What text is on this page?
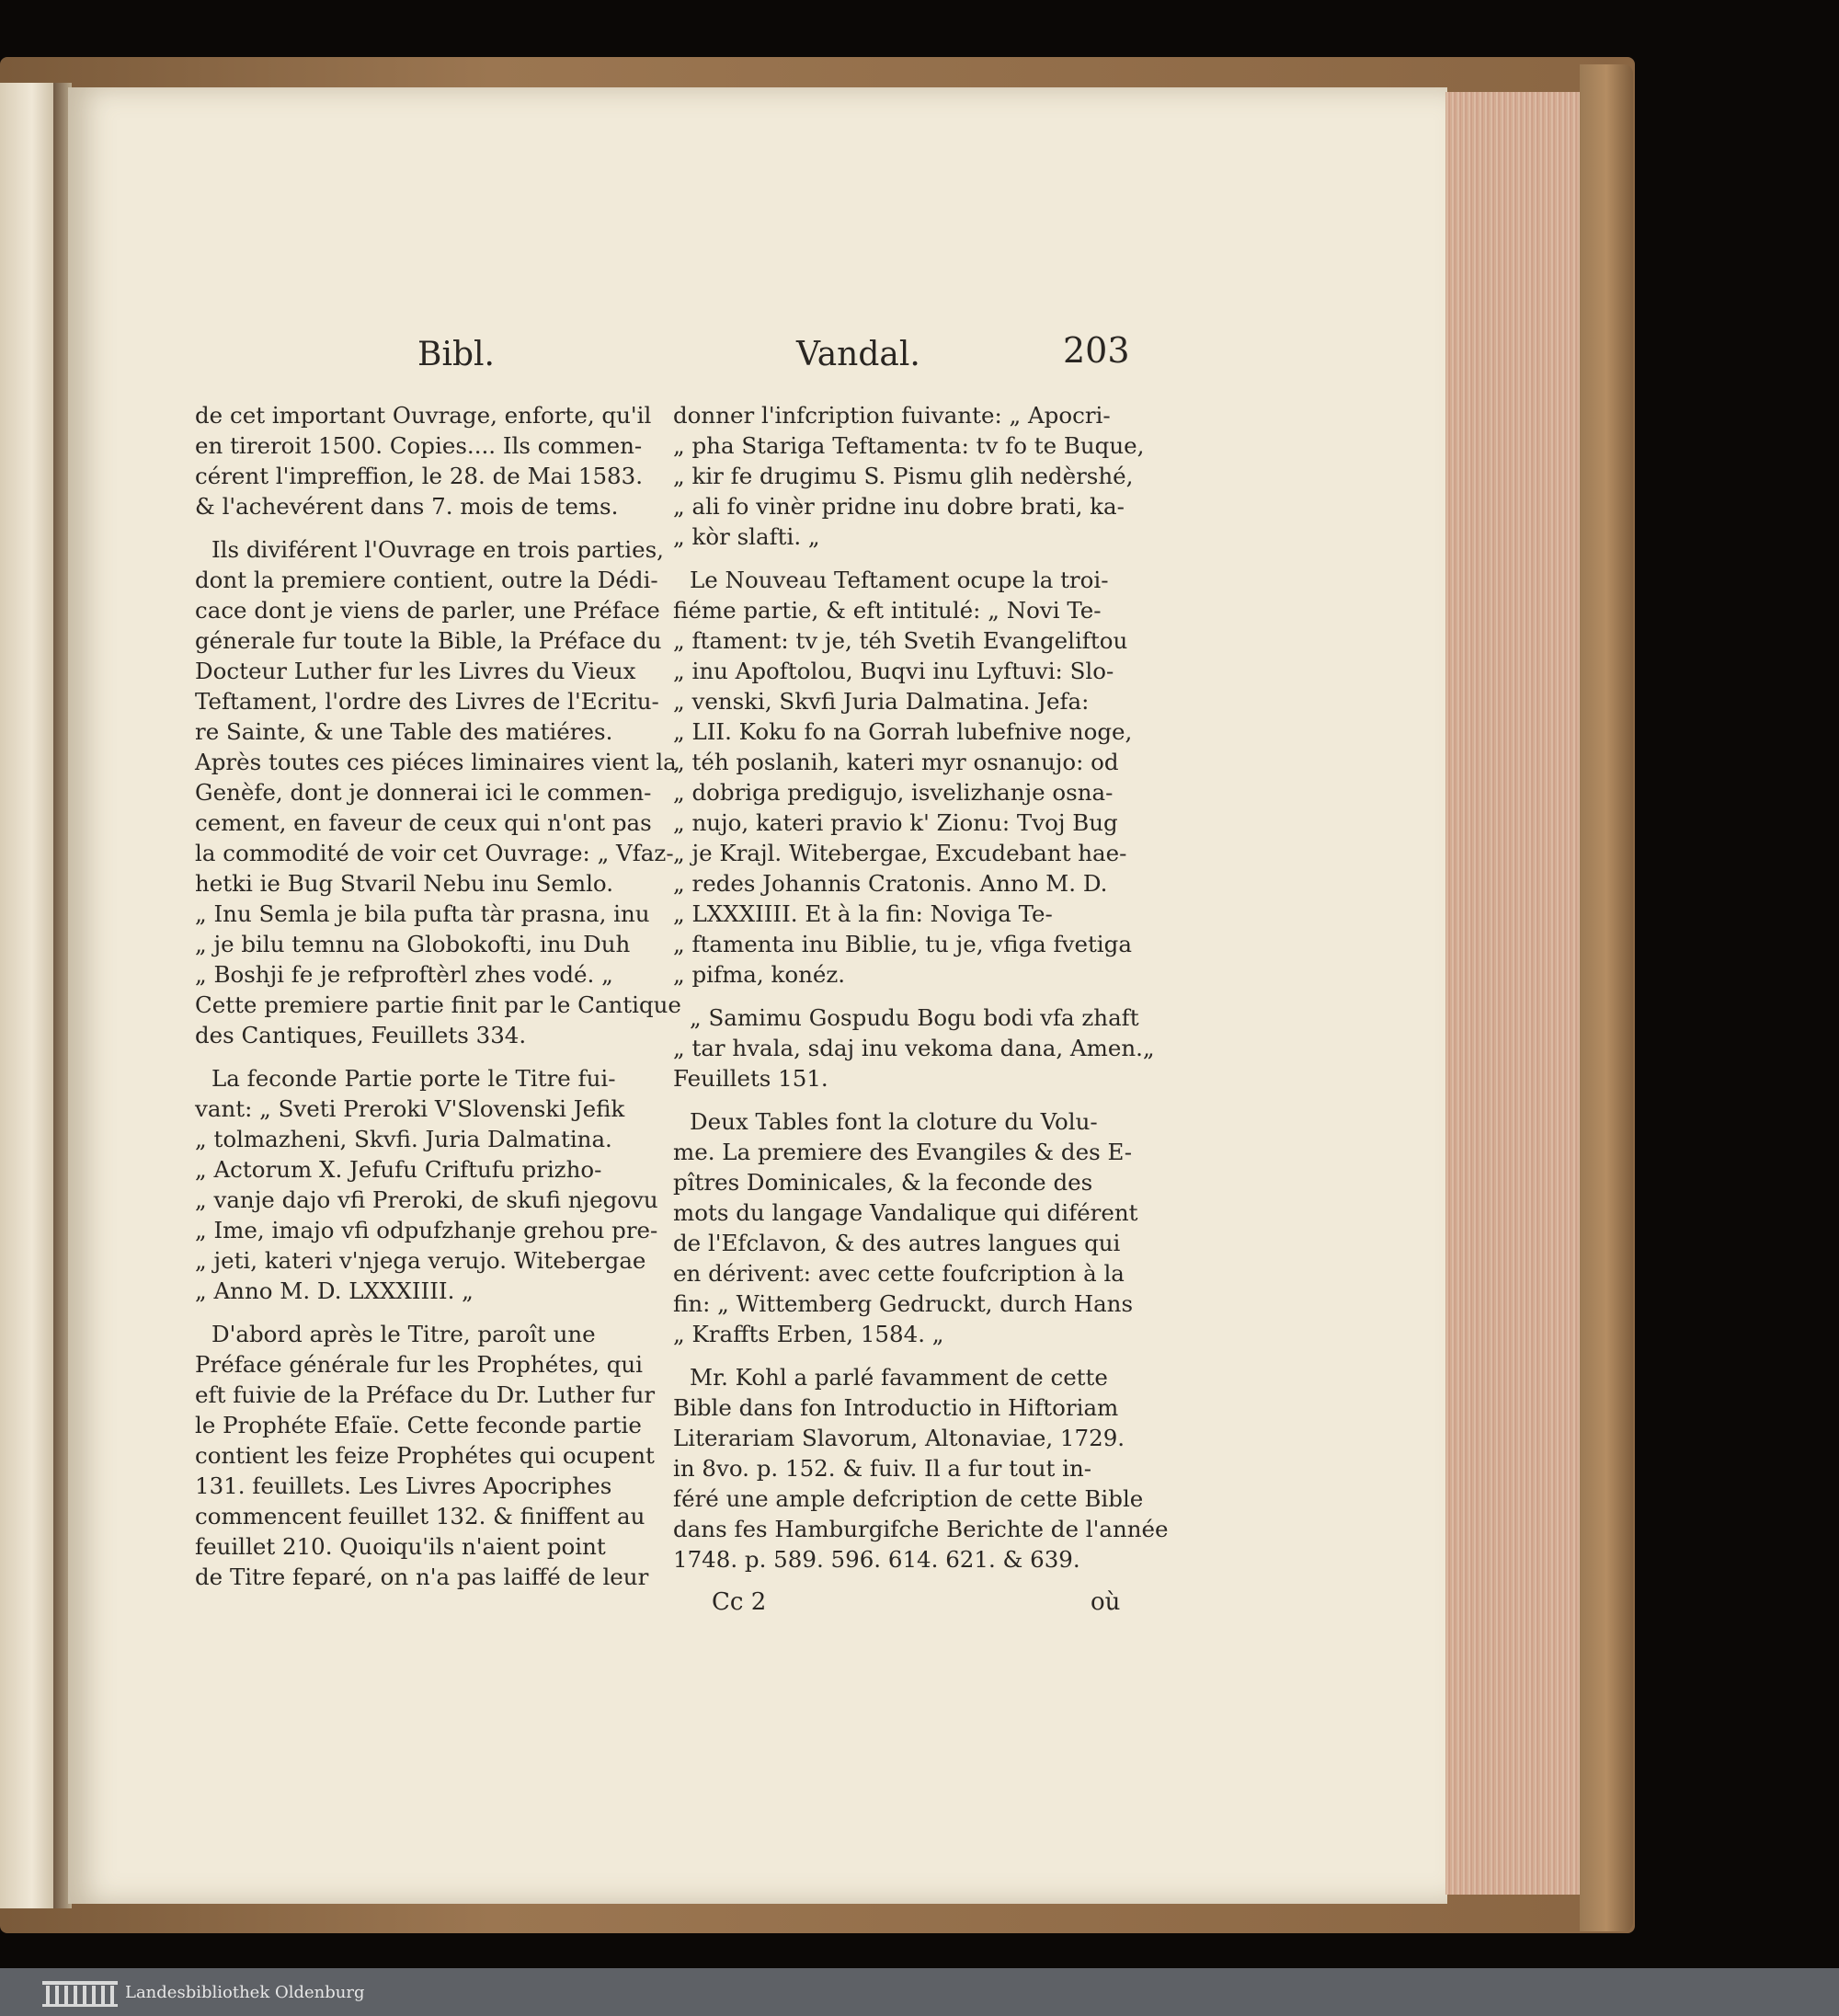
Bibl.	Vandal.	203

de cet important Ouvrage, enforte, qu'il
en tireroit 1500. Copies.... Ils commen-
cérent l'impreffion, le 28. de Mai 1583.
& l'achevérent dans 7. mois de tems.

Ils diviférent l'Ouvrage en trois parties,
dont la premiere contient, outre la Dédi-
cace dont je viens de parler, une Préface
génerale fur toute la Bible, la Préface du
Docteur Luther fur les Livres du Vieux
Teftament, l'ordre des Livres de l'Ecritu-
re Sainte, & une Table des matiéres.
Après toutes ces piéces liminaires vient la
Genèfe, dont je donnerai ici le commen-
cement, en faveur de ceux qui n'ont pas
la commodité de voir cet Ouvrage: „ Vfaz-
hetki ie Bug Stvaril Nebu inu Semlo.
„ Inu Semla je bila pufta tàr prasna, inu
„ je bilu temnu na Globokofti, inu Duh
„ Boshji fe je refproftèrl zhes vodé. „
Cette premiere partie finit par le Cantique
des Cantiques, Feuillets 334.

La feconde Partie porte le Titre fui-
vant: „ Sveti Preroki V'Slovenski Jefik
„ tolmazheni, Skvfi. Juria Dalmatina.
„ Actorum X. Jefufu Criftufu prizho-
„ vanje dajo vfi Preroki, de skufi njegovu
„ Ime, imajo vfi odpufzhanje grehou pre-
„ jeti, kateri v'njega verujo. Witebergae
„ Anno M. D. LXXXIIII. „

D'abord après le Titre, paroît une
Préface générale fur les Prophétes, qui
eft fuivie de la Préface du Dr. Luther fur
le Prophéte Efaïe. Cette feconde partie
contient les feize Prophétes qui ocupent
131. feuillets. Les Livres Apocriphes
commencent feuillet 132. & finiffent au
feuillet 210. Quoiqu'ils n'aient point
de Titre feparé, on n'a pas laiffé de leur

donner l'infcription fuivante: „ Apocri-
„ pha Stariga Teftamenta: tv fo te Buque,
„ kir fe drugimu S. Pismu glih nedèrshé,
„ ali fo vinèr pridne inu dobre brati, ka-
„ kòr slafti. „

Le Nouveau Teftament ocupe la troi-
fiéme partie, & eft intitulé: „ Novi Te-
„ ftament: tv je, téh Svetih Evangeliftou
„ inu Apoftolou, Buqvi inu Lyftuvi: Slo-
„ venski, Skvfi Juria Dalmatina. Jefa:
„ LII. Koku fo na Gorrah lubefnive noge,
„ téh poslanih, kateri myr osnanujo: od
„ dobriga predigujo, isvelizhanje osna-
„ nujo, kateri pravio k' Zionu: Tvoj Bug
„ je Krajl. Witebergae, Excudebant hae-
„ redes Johannis Cratonis. Anno M. D.
„ LXXXIIII. Et à la fin: Noviga Te-
„ ftamenta inu Biblie, tu je, vfiga fvetiga
„ pifma, konéz.

„ Samimu Gospudu Bogu bodi vfa zhaft
„ tar hvala, sdaj inu vekoma dana, Amen.„
Feuillets 151.

Deux Tables font la cloture du Volu-
me. La premiere des Evangiles & des E-
pîtres Dominicales, & la feconde des
mots du langage Vandalique qui diférent
de l'Efclavon, & des autres langues qui
en dérivent: avec cette foufcription à la
fin: „ Wittemberg Gedruckt, durch Hans
„ Kraffts Erben, 1584. „

Mr. Kohl a parlé favamment de cette
Bible dans fon Introductio in Hiftoriam
Literariam Slavorum, Altonaviae, 1729.
in 8vo. p. 152. & fuiv. Il a fur tout in-
féré une ample defcription de cette Bible
dans fes Hamburgifche Berichte de l'année
1748. p. 589. 596. 614. 621. & 639.

Cc 2	où
Landesbibliothek Oldenburg
